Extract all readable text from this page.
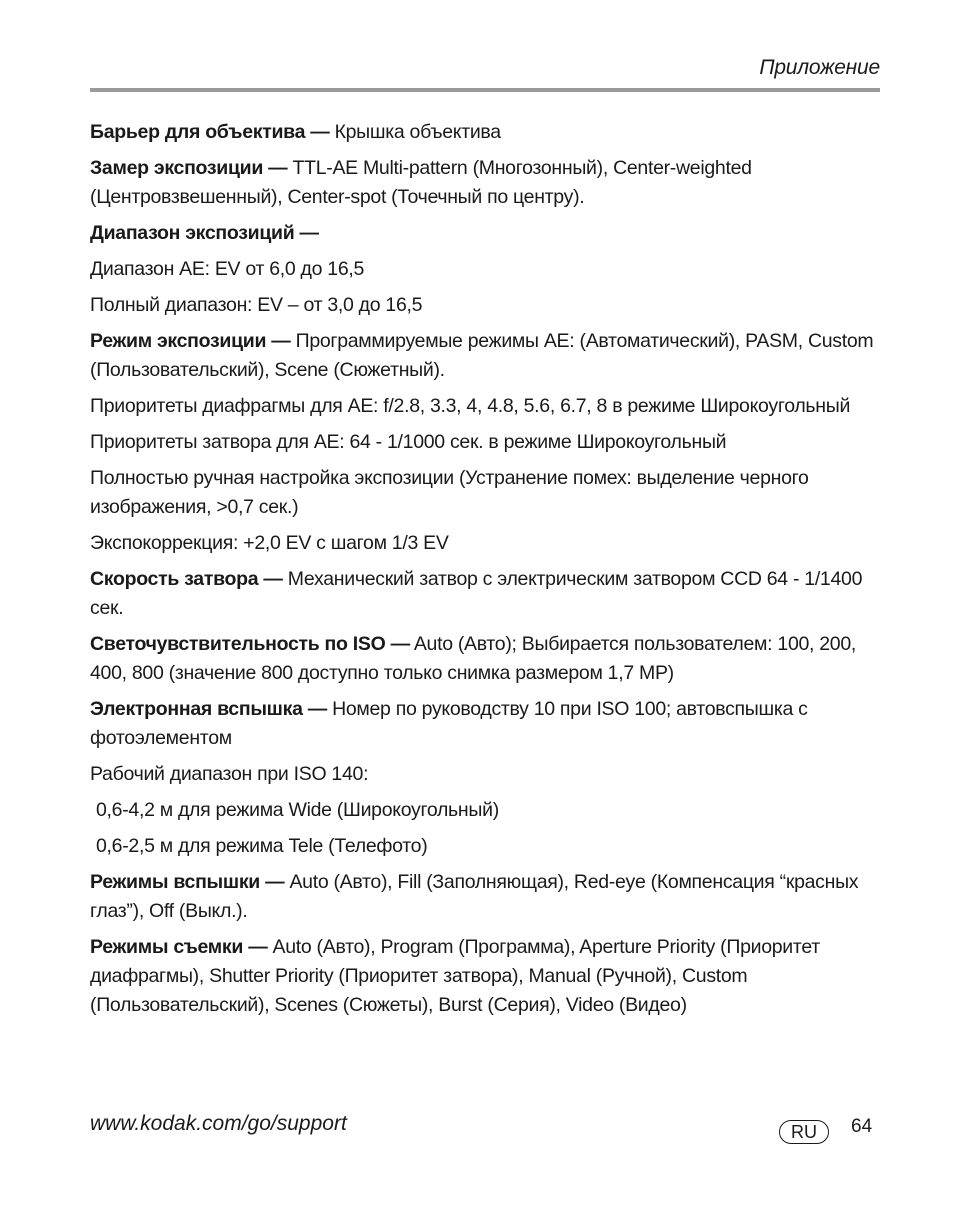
Приложение

Барьер для объектива — Крышка объектива

Замер экспозиции — TTL-AE Multi-pattern (Многозонный), Center-weighted (Центровзвешенный), Center-spot (Точечный по центру).

Диапазон экспозиций —

Диапазон AE: EV от 6,0 до 16,5

Полный диапазон: EV – от 3,0 до 16,5

Режим экспозиции — Программируемые режимы AE: (Автоматический), PASM, Custom (Пользовательский), Scene (Сюжетный).

Приоритеты диафрагмы для AE: f/2.8, 3.3, 4, 4.8, 5.6, 6.7, 8 в режиме Широкоугольный

Приоритеты затвора для AE: 64 - 1/1000 сек. в режиме Широкоугольный

Полностью ручная настройка экспозиции (Устранение помех: выделение черного изображения, >0,7 сек.)

Экспокоррекция: +2,0 EV с шагом 1/3 EV

Скорость затвора — Механический затвор с электрическим затвором CCD 64 - 1/1400 сек.

Светочувствительность по ISO — Auto (Авто); Выбирается пользователем: 100, 200, 400, 800 (значение 800 доступно только снимка размером 1,7 MP)

Электронная вспышка — Номер по руководству 10 при ISO 100; автовспышка с фотоэлементом

Рабочий диапазон при ISO 140:

0,6-4,2 м для режима Wide (Широкоугольный)

0,6-2,5 м для режима Tele (Телефото)

Режимы вспышки — Auto (Авто), Fill (Заполняющая), Red-eye (Компенсация “красных глаз”), Off (Выкл.).

Режимы съемки — Auto (Авто), Program (Программа), Aperture Priority (Приоритет диафрагмы), Shutter Priority (Приоритет затвора), Manual (Ручной), Custom (Пользовательский), Scenes (Сюжеты), Burst (Серия), Video (Видео)

www.kodak.com/go/support	RU	64
